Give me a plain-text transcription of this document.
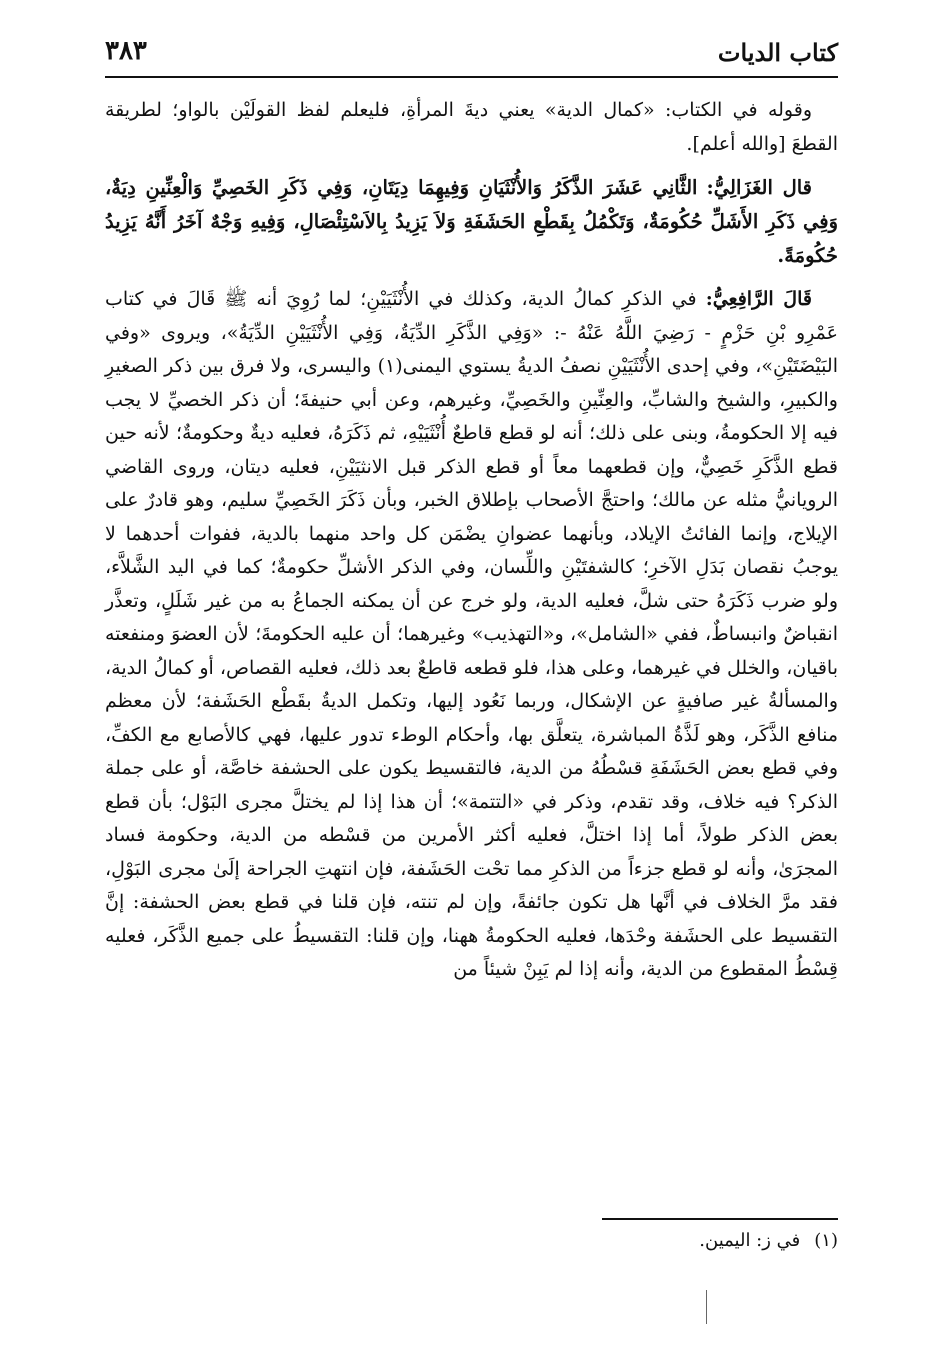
كتاب الديات
٣٨٣

وقوله في الكتاب: «كمال الدية» يعني ديةَ المرأةِ، فليعلم لفظ القولَيْن بالواو؛ لطريقة القطعَ [والله أعلم].

قال الغَزَالِيُّ: الثَّانِي عَشَرَ الذَّكَرُ وَالأُنْثَيَانِ وَفِيهِمَا دِيَتَانِ، وَفِي ذَكَرِ الخَصِيِّ وَالْعِنِّينِ دِيَةٌ، وَفِي ذَكَرِ الأَشَلِّ حُكُومَةٌ، وَتَكْمُلُ بِقَطْعِ الحَشَفَةِ وَلاَ يَزِيدُ بِالاَسْتِئْصَالِ، وَفِيهِ وَجْهٌ آخَرُ أَنَّهُ يَزِيدُ حُكُومَةً.

قَالَ الرَّافِعِيُّ: في الذكرِ كمالُ الدية، وكذلك في الأُنْثَيَيْنِ؛ لما رُوِيَ أنه ﷺ قَالَ في كتاب عَمْرِو بْنِ حَزْمٍ - رَضِيَ اللَّهُ عَنْهُ -: «وَفِي الذَّكَرِ الدِّيَةُ، وَفِي الأُنْثَيَيْنِ الدِّيَةُ»، ويروى «وفي البَيْضَتَيْنِ»، وفي إحدى الأُنْثَيَيْنِ نصفُ الديةُ يستوي اليمنى(١) واليسرى، ولا فرق بين ذكر الصغيرِ والكبيرِ، والشيخ والشابِّ، والعِنِّينِ والخَصِيِّ، وغيرهم، وعن أبي حنيفةَ؛ أن ذكر الخصيِّ لا يجب فيه إلا الحكومةُ، وبنى على ذلك؛ أنه لو قطع قاطعٌ أُنْثَيَيْهِ، ثم ذَكَرَهُ، فعليه ديةٌ وحكومةٌ؛ لأنه حين قطع الذَّكَرِ خَصِيٌّ، وإن قطعهما معاً أو قطع الذكر قبل الانثيَيْنِ، فعليه ديتان، وروى القاضي الرويانيُّ مثله عن مالك؛ واحتجَّ الأصحاب بإطلاق الخبر، وبأن ذَكَرَ الخَصِيِّ سليم، وهو قادرٌ على الإيلاج، وإنما الفائتُ الإيلاد، وبأنهما عضوانِ يضْمَن كل واحد منهما بالدية، ففوات أحدهما لا يوجبُ نقصان بَدَلِ الآخرِ؛ كالشفتَيْنِ واللِّسان، وفي الذكر الأشلِّ حكومةٌ؛ كما في اليد الشَّلاَّء، ولو ضرب ذَكَرَهُ حتى شلَّ، فعليه الدية، ولو خرج عن أن يمكنه الجماعُ به من غير شَلَلٍ، وتعذَّر انقباضٌ وانبساطٌ، ففي «الشامل»، و«التهذيب» وغيرهما؛ أن عليه الحكومةَ؛ لأن العضوَ ومنفعته باقيان، والخلل في غيرهما، وعلى هذا، فلو قطعه قاطعٌ بعد ذلك، فعليه القصاص، أو كمالُ الدية، والمسألةُ غير صافيةٍ عن الإشكال، وربما نَعُود إليها، وتكمل الديةُ بقَطْع الحَشَفة؛ لأن معظم منافع الذَّكَر، وهو لَذَّةُ المباشرة، يتعلَّق بها، وأحكام الوطء تدور عليها، فهي كالأصابع مع الكفِّ، وفي قطع بعض الحَشَفَةِ قسْطُهُ من الدية، فالتقسيط يكون على الحشفة خاصَّة، أو على جملة الذكر؟ فيه خلاف، وقد تقدم، وذكر في «التتمة»؛ أن هذا إذا لم يختلَّ مجرى البَوْل؛ بأن قطع بعض الذكر طولاً، أما إذا اختلَّ، فعليه أكثر الأمرين من قسْطه من الدية، وحكومة فساد المجرَىٰ، وأنه لو قطع جزءاً من الذكرِ مما تحْت الحَشَفة، فإن انتهتِ الجراحة إلَىٰ مجرى البَوْلِ، فقد مرَّ الخلاف في أنَّها هل تكون جائفةً، وإن لم تنته، فإن قلنا في قطع بعض الحشفة: إنَّ التقسيط على الحشَفة وحْدَها، فعليه الحكومةُ ههنا، وإن قلنا: التقسيطُ على جميع الذَّكَر، فعليه قِسْطُ المقطوع من الدية، وأنه إذا لم يَبِنْ شيئاً من

(١)في ز: اليمين.
